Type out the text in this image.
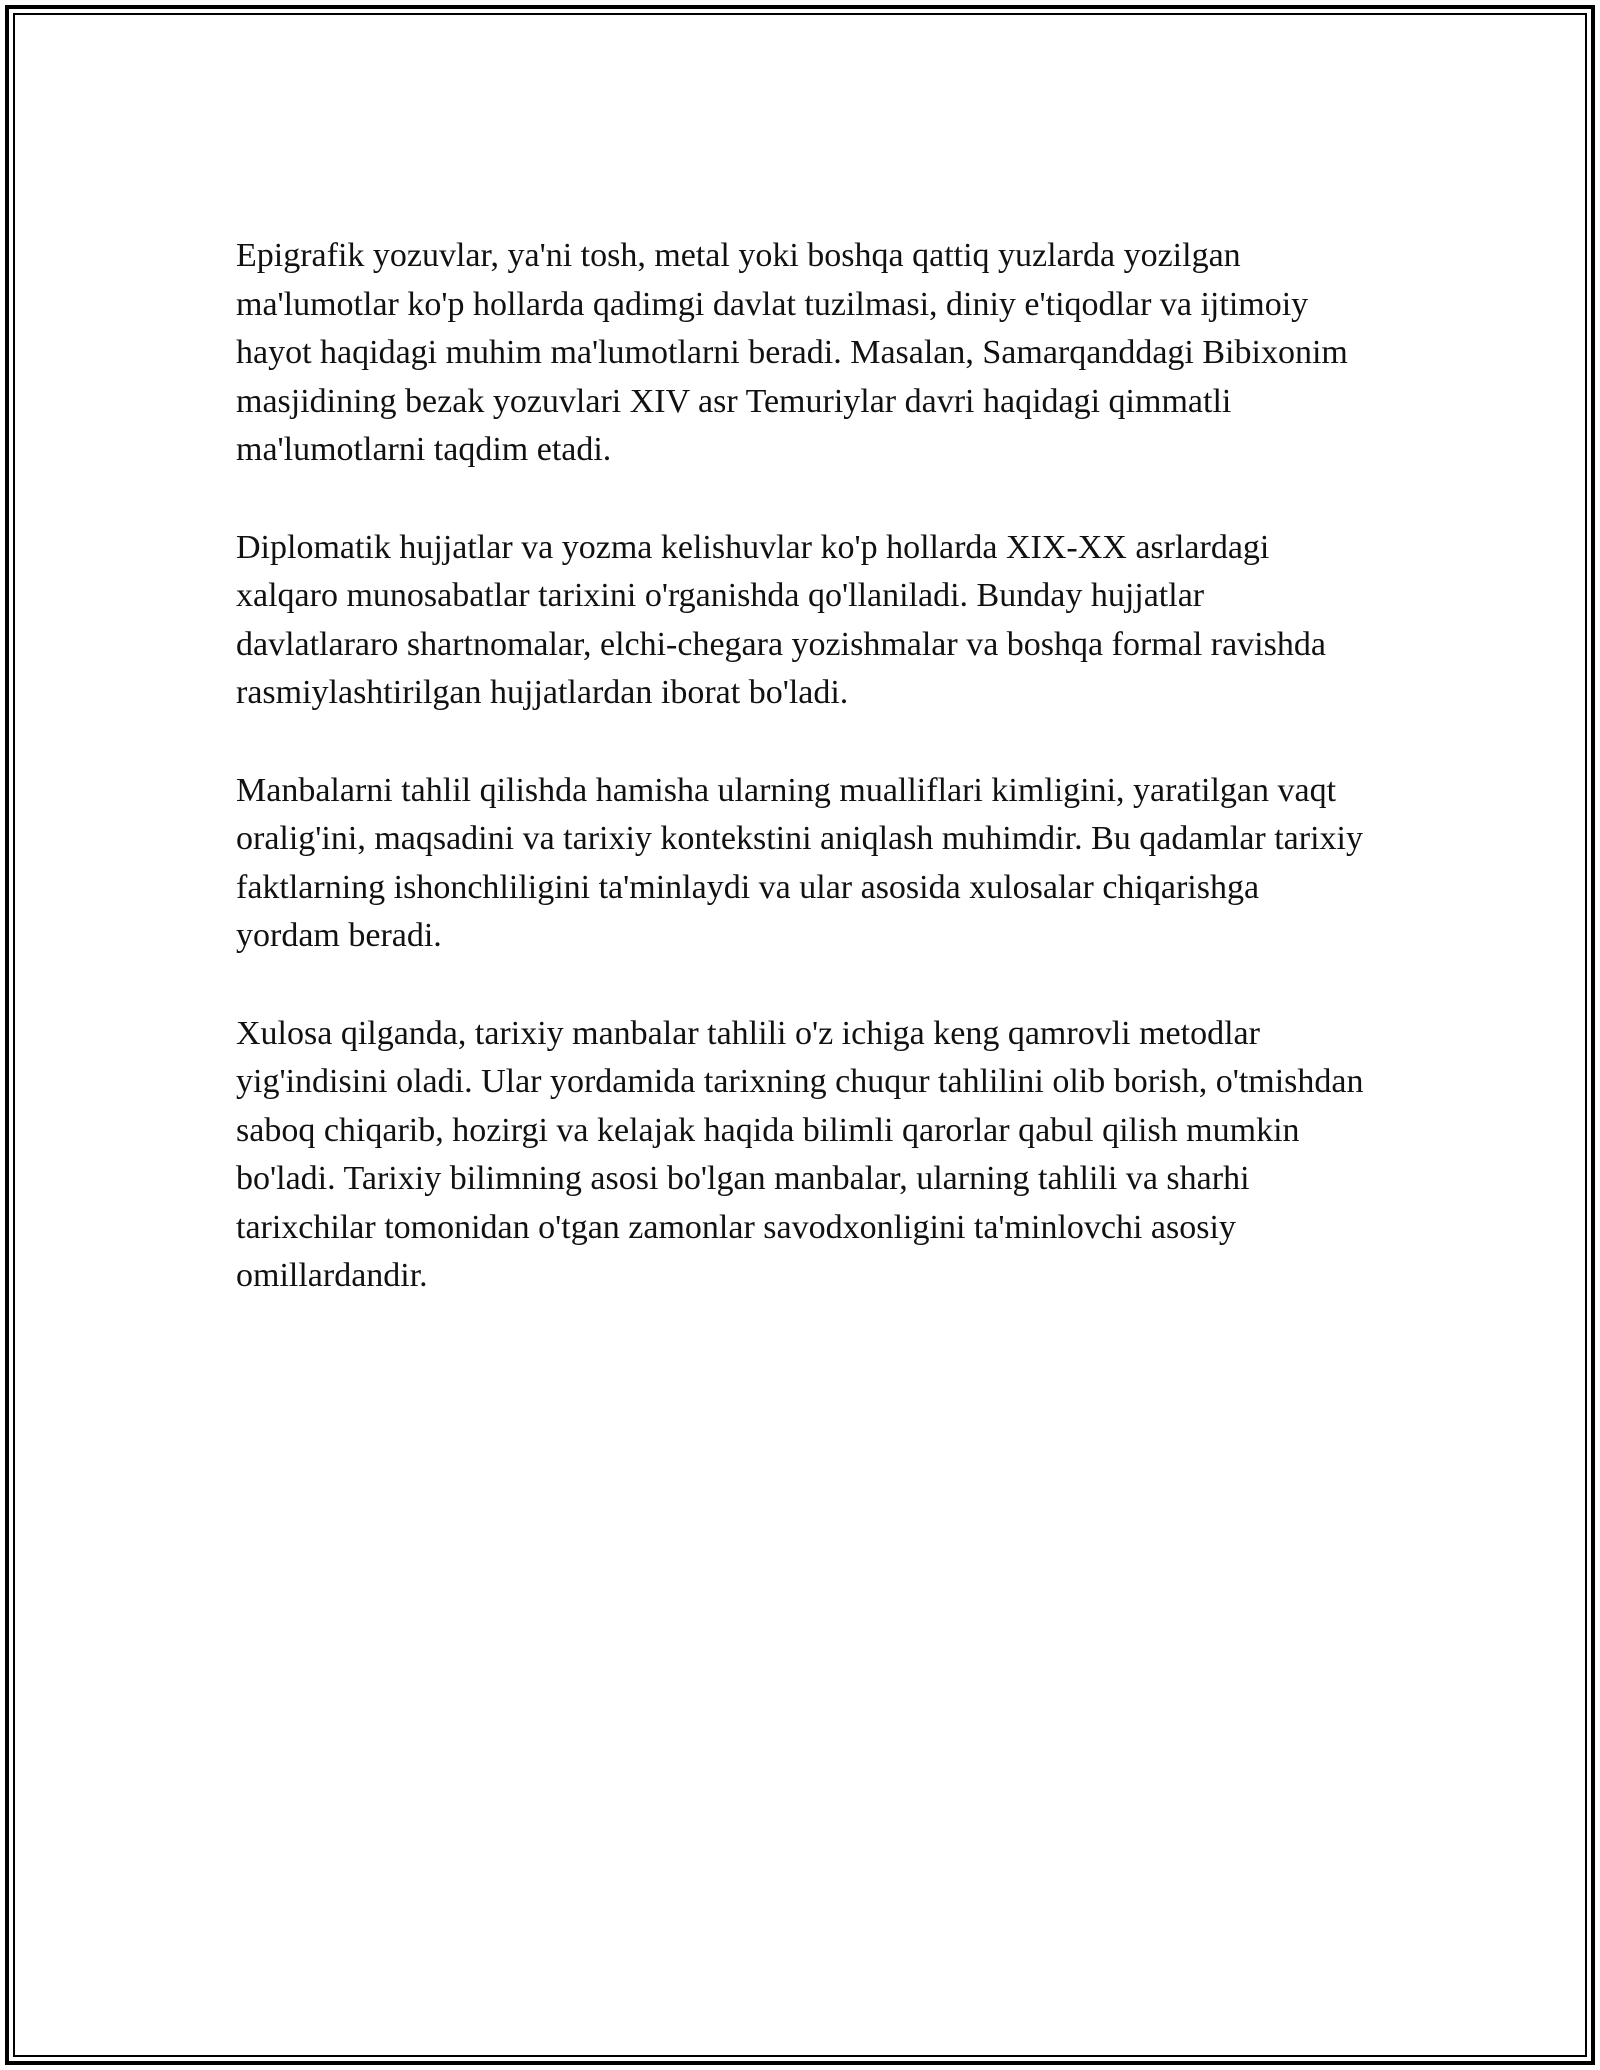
Epigrafik yozuvlar, ya'ni tosh, metal yoki boshqa qattiq yuzlarda yozilgan ma'lumotlar ko'p hollarda qadimgi davlat tuzilmasi, diniy e'tiqodlar va ijtimoiy hayot haqidagi muhim ma'lumotlarni beradi. Masalan, Samarqanddagi Bibixonim masjidining bezak yozuvlari XIV asr Temuriylar davri haqidagi qimmatli ma'lumotlarni taqdim etadi.

Diplomatik hujjatlar va yozma kelishuvlar ko'p hollarda XIX-XX asrlardagi xalqaro munosabatlar tarixini o'rganishda qo'llaniladi. Bunday hujjatlar davlatlararo shartnomalar, elchi-chegara yozishmalar va boshqa formal ravishda rasmiylashtirilgan hujjatlardan iborat bo'ladi.

Manbalarni tahlil qilishda hamisha ularning mualliflari kimligini, yaratilgan vaqt oralig'ini, maqsadini va tarixiy kontekstini aniqlash muhimdir. Bu qadamlar tarixiy faktlarning ishonchliligini ta'minlaydi va ular asosida xulosalar chiqarishga yordam beradi.

Xulosa qilganda, tarixiy manbalar tahlili o'z ichiga keng qamrovli metodlar yig'indisini oladi. Ular yordamida tarixning chuqur tahlilini olib borish, o'tmishdan saboq chiqarib, hozirgi va kelajak haqida bilimli qarorlar qabul qilish mumkin bo'ladi. Tarixiy bilimning asosi bo'lgan manbalar, ularning tahlili va sharhi tarixchilar tomonidan o'tgan zamonlar savodxonligini ta'minlovchi asosiy omillardandir.
